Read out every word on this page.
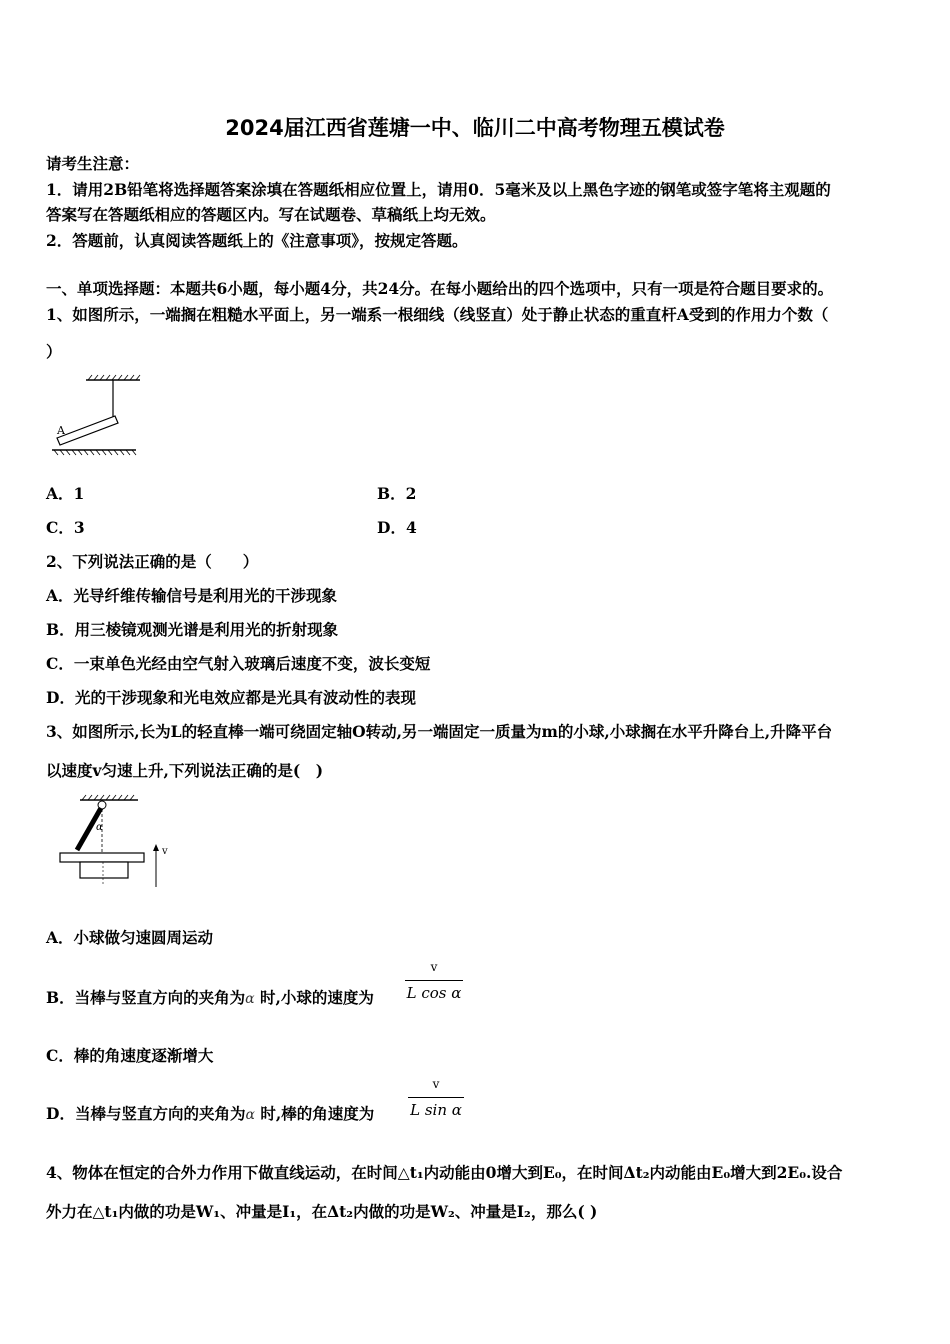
2024届江西省莲塘一中、临川二中高考物理五模试卷
请考生注意：
1．请用2B铅笔将选择题答案涂填在答题纸相应位置上，请用0．5毫米及以上黑色字迹的钢笔或签字笔将主观题的
答案写在答题纸相应的答题区内。写在试题卷、草稿纸上均无效。
2．答题前，认真阅读答题纸上的《注意事项》，按规定答题。
一、单项选择题：本题共6小题，每小题4分，共24分。在每小题给出的四个选项中，只有一项是符合题目要求的。
1、如图所示，一端搁在粗糙水平面上，另一端系一根细线（线竖直）处于静止状态的重直杆A受到的作用力个数（
）
A
A．1	B．2
C．3	D．4
2、下列说法正确的是（　　）
A．光导纤维传输信号是利用光的干涉现象
B．用三棱镜观测光谱是利用光的折射现象
C．一束单色光经由空气射入玻璃后速度不变，波长变短
D．光的干涉现象和光电效应都是光具有波动性的表现
3、如图所示,长为L的轻直棒一端可绕固定轴O转动,另一端固定一质量为m的小球,小球搁在水平升降台上,升降平台
以速度v匀速上升,下列说法正确的是(　)
α
v
A．小球做匀速圆周运动
B．当棒与竖直方向的夹角为α 时,小球的速度为
v
L cos α
C．棒的角速度逐渐增大
D．当棒与竖直方向的夹角为α 时,棒的角速度为
v
L sin α
4、物体在恒定的合外力作用下做直线运动，在时间△t₁内动能由0增大到E₀，在时间Δt₂内动能由E₀增大到2E₀.设合
外力在△t₁内做的功是W₁、冲量是I₁，在Δt₂内做的功是W₂、冲量是I₂，那么( )
